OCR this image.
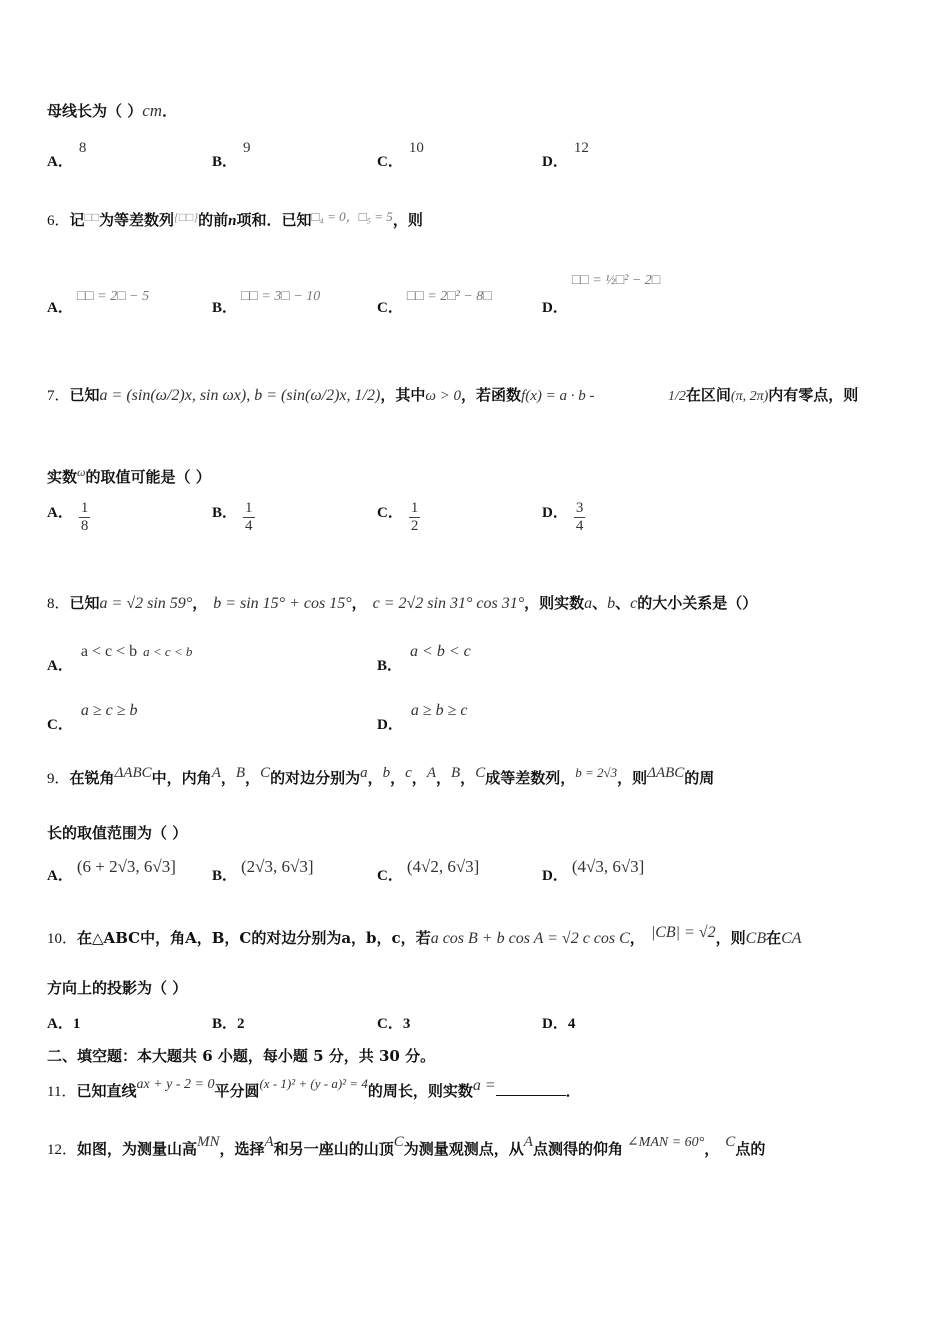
母线长为（ ）cm．
A．8
B．9
C．10
D．12
6．记□□为等差数列{□□}的前n项和．已知□₄ = 0，□₅ = 5，则
A．□□ = 2□ − 5
B．□□ = 3□ − 10
C．□□ = 2□² − 8□
D．□□ = ½□² − 2□
7．已知a = (sin(ω/2)x, sin ωx), b = (sin(ω/2)x, 1/2)，其中ω > 0，若函数f(x) = a · b -	1/2在区间(π, 2π)内有零点，则
实数$^\omega$的取值可能是（ ）
A． $\frac{1}{8}$	B． $\frac{1}{4}$	C． $\frac{1}{2}$	D． $\frac{3}{4}$
8．已知a = √2 sin 59°， b = sin 15° + cos 15°， c = 2√2 sin 31° cos 31°，则实数a、b、c的大小关系是（）
A．a < c < b a < c < b
B．a < b < c
C．a ≥ c ≥ b
D．a ≥ b ≥ c
9．在锐角ΔABC中，内角A，B，C的对边分别为a，b，c，A，B，C成等差数列，b = 2√3，则ΔABC的周
长的取值范围为（ ）
A． (6 + 2√3, 6√3] B． (2√3, 6√3]	C． (4√2, 6√3]	D． (4√3, 6√3]
10．在△ABC中，角A，B，C的对边分别为a，b，c，若a cos B + b cos A = √2 c cos C， |CB| = √2，则CB在CA
方向上的投影为（ ）
A．1	B．2	C．3	D．4
二、填空题：本大题共 6 小题，每小题 5 分，共 30 分。
11．已知直线ax + y - 2 = 0平分圆(x - 1)² + (y - a)² = 4的周长，则实数a =	．
12．如图，为测量山高MN，选择A和另一座山的山顶C为测量观测点，从A点测得的仰角 ∠MAN = 60°， C点的
